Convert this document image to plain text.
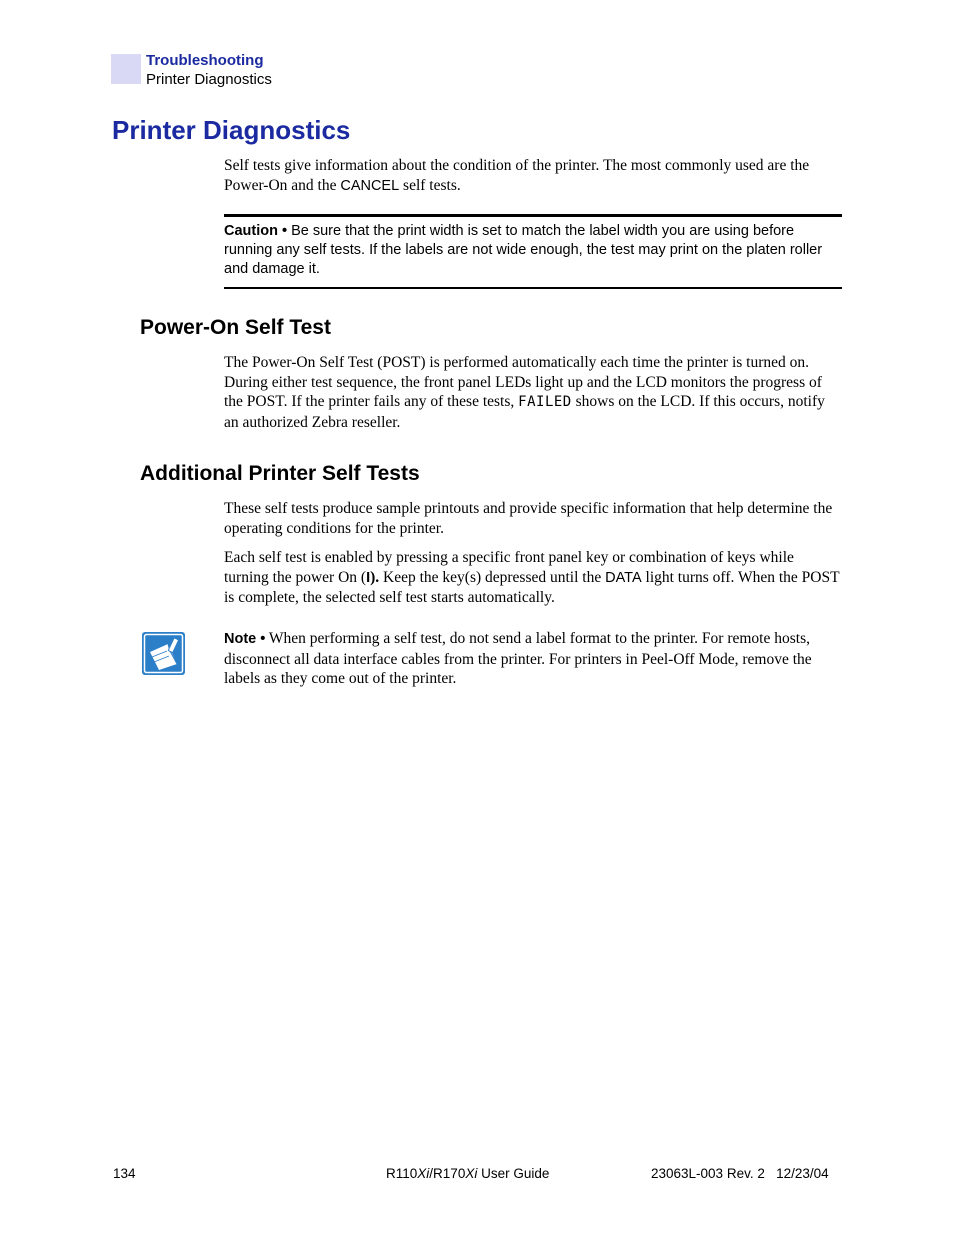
Troubleshooting
Printer Diagnostics
Printer Diagnostics

Self tests give information about the condition of the printer. The most commonly used are the Power-On and the CANCEL self tests.

Caution • Be sure that the print width is set to match the label width you are using before running any self tests. If the labels are not wide enough, the test may print on the platen roller and damage it.
Power-On Self Test

The Power-On Self Test (POST) is performed automatically each time the printer is turned on. During either test sequence, the front panel LEDs light up and the LCD monitors the progress of the POST. If the printer fails any of these tests, FAILED shows on the LCD. If this occurs, notify an authorized Zebra reseller.

Additional Printer Self Tests

These self tests produce sample printouts and provide specific information that help determine the operating conditions for the printer.

Each self test is enabled by pressing a specific front panel key or combination of keys while turning the power On (I). Keep the key(s) depressed until the DATA light turns off. When the POST is complete, the selected self test starts automatically.

Note • When performing a self test, do not send a label format to the printer. For remote hosts, disconnect all data interface cables from the printer. For printers in Peel-Off Mode, remove the labels as they come out of the printer.

134	R110Xi/R170Xi User Guide	23063L-003 Rev. 2   12/23/04
